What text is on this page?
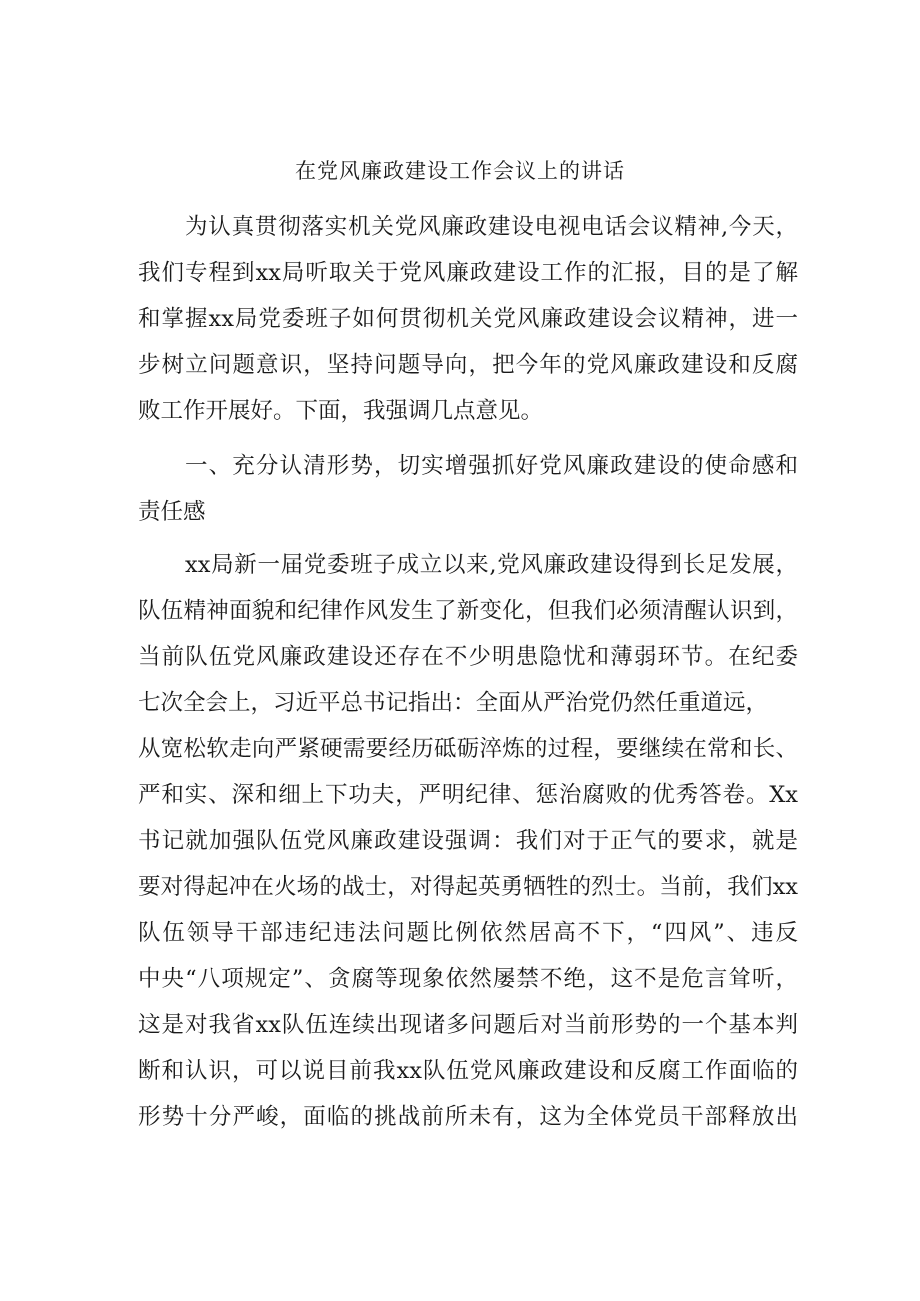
在党风廉政建设工作会议上的讲话
为认真贯彻落实机关党风廉政建设电视电话会议精神,今天，
我们专程到xx局听取关于党风廉政建设工作的汇报，目的是了解
和掌握xx局党委班子如何贯彻机关党风廉政建设会议精神，进一
步树立问题意识，坚持问题导向，把今年的党风廉政建设和反腐
败工作开展好。下面，我强调几点意见。
一、充分认清形势，切实增强抓好党风廉政建设的使命感和
责任感
xx局新一届党委班子成立以来,党风廉政建设得到长足发展，
队伍精神面貌和纪律作风发生了新变化，但我们必须清醒认识到，
当前队伍党风廉政建设还存在不少明患隐忧和薄弱环节。在纪委
七次全会上，习近平总书记指出：全面从严治党仍然任重道远，
从宽松软走向严紧硬需要经历砥砺淬炼的过程，要继续在常和长、
严和实、深和细上下功夫，严明纪律、惩治腐败的优秀答卷。Xx
书记就加强队伍党风廉政建设强调：我们对于正气的要求，就是
要对得起冲在火场的战士，对得起英勇牺牲的烈士。当前，我们xx
队伍领导干部违纪违法问题比例依然居高不下，“四风”、违反
中央“八项规定”、贪腐等现象依然屡禁不绝，这不是危言耸听，
这是对我省xx队伍连续出现诸多问题后对当前形势的一个基本判
断和认识，可以说目前我xx队伍党风廉政建设和反腐工作面临的
形势十分严峻，面临的挑战前所未有，这为全体党员干部释放出
